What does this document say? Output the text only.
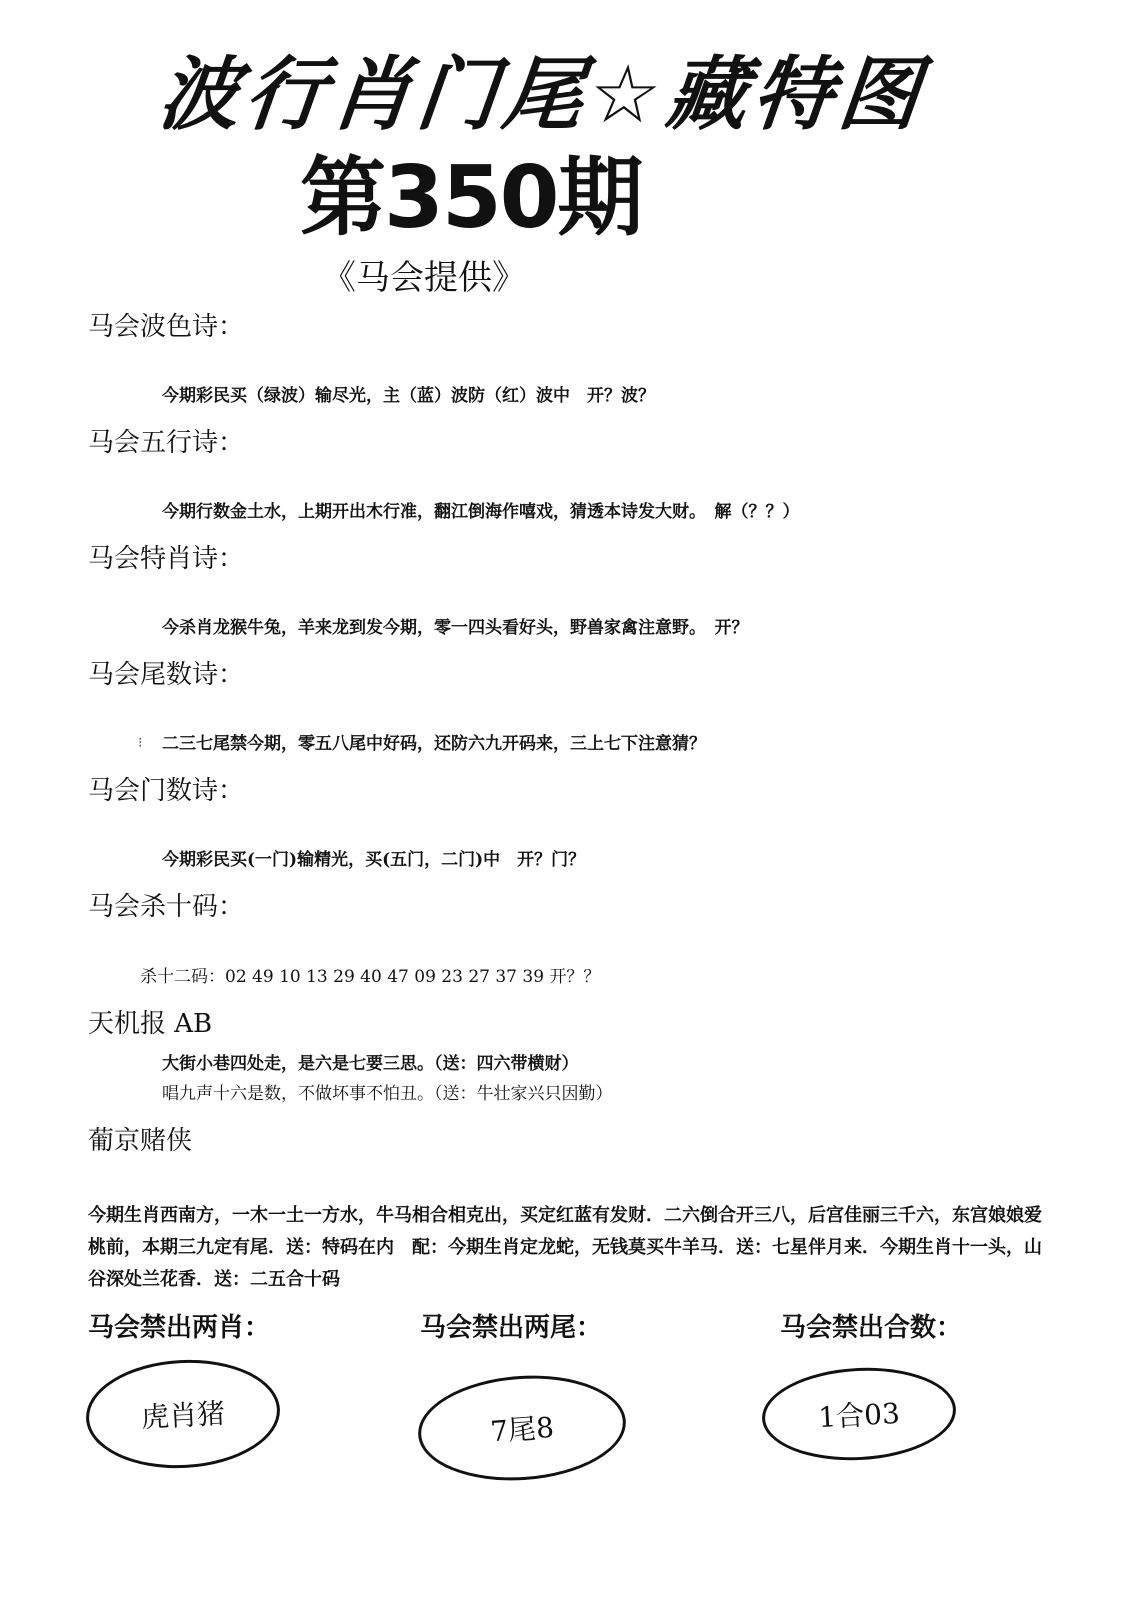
波行肖门尾☆藏特图
第350期
《马会提供》
马会波色诗：
今期彩民买（绿波）输尽光，主（蓝）波防（红）波中　开？波？
马会五行诗：
今期行数金土水，上期开出木行准，翻江倒海作嘻戏，猜透本诗发大财。　解（？？）
马会特肖诗：
今杀肖龙猴牛兔，羊来龙到发今期，零一四头看好头，野兽家禽注意野。　开？
马会尾数诗：
⁝ 二三七尾禁今期，零五八尾中好码，还防六九开码来，三上七下注意猜？
马会门数诗：
今期彩民买(一门)输精光，买(五门，二门)中　开？门？
马会杀十码：
杀十二码：02 49 10 13 29 40 47 09 23 27 37 39 开？？
天机报 AB
大街小巷四处走，是六是七要三思。（送：四六带横财）
唱九声十六是数，不做坏事不怕丑。（送：牛壮家兴只因勤）
葡京赌侠
今期生肖西南方，一木一土一方水，牛马相合相克出，买定红蓝有发财．二六倒合开三八，后宫佳丽三千六，东宫娘娘爱桃前，本期三九定有尾．送：特码在内　配：今期生肖定龙蛇，无钱莫买牛羊马．送：七星伴月来．今期生肖十一头，山谷深处兰花香．送：二五合十码
马会禁出两肖：	马会禁出两尾：	马会禁出合数：
虎肖猪	7尾8	1合03
